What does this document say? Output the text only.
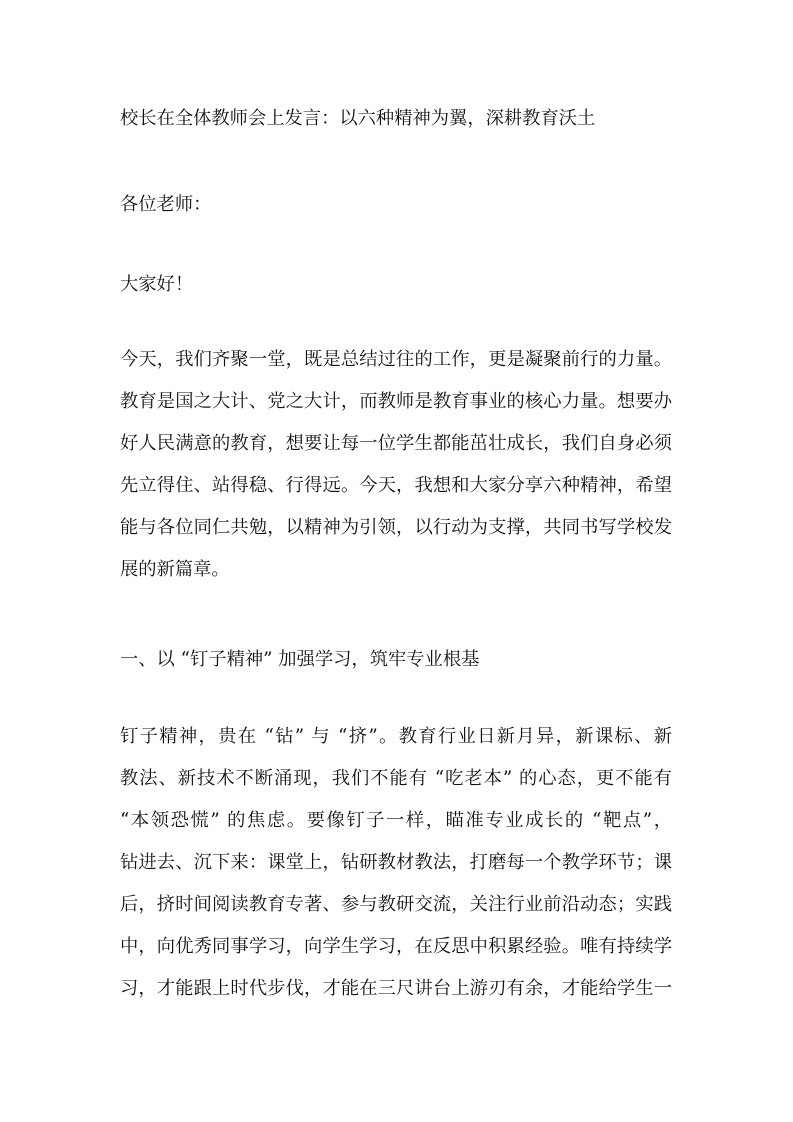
校长在全体教师会上发言：以六种精神为翼，深耕教育沃土
各位老师：
大家好！
今天，我们齐聚一堂，既是总结过往的工作，更是凝聚前行的力量。
教育是国之大计、党之大计，而教师是教育事业的核心力量。想要办
好人民满意的教育，想要让每一位学生都能茁壮成长，我们自身必须
先立得住、站得稳、行得远。今天，我想和大家分享六种精神，希望
能与各位同仁共勉，以精神为引领，以行动为支撑，共同书写学校发
展的新篇章。
一、以 “钉子精神” 加强学习，筑牢专业根基
钉子精神，贵在 “钻” 与 “挤”。教育行业日新月异，新课标、新
教法、新技术不断涌现，我们不能有 “吃老本” 的心态，更不能有
“本领恐慌” 的焦虑。要像钉子一样，瞄准专业成长的 “靶点”，
钻进去、沉下来：课堂上，钻研教材教法，打磨每一个教学环节；课
后，挤时间阅读教育专著、参与教研交流，关注行业前沿动态；实践
中，向优秀同事学习，向学生学习，在反思中积累经验。唯有持续学
习，才能跟上时代步伐，才能在三尺讲台上游刃有余，才能给学生一
